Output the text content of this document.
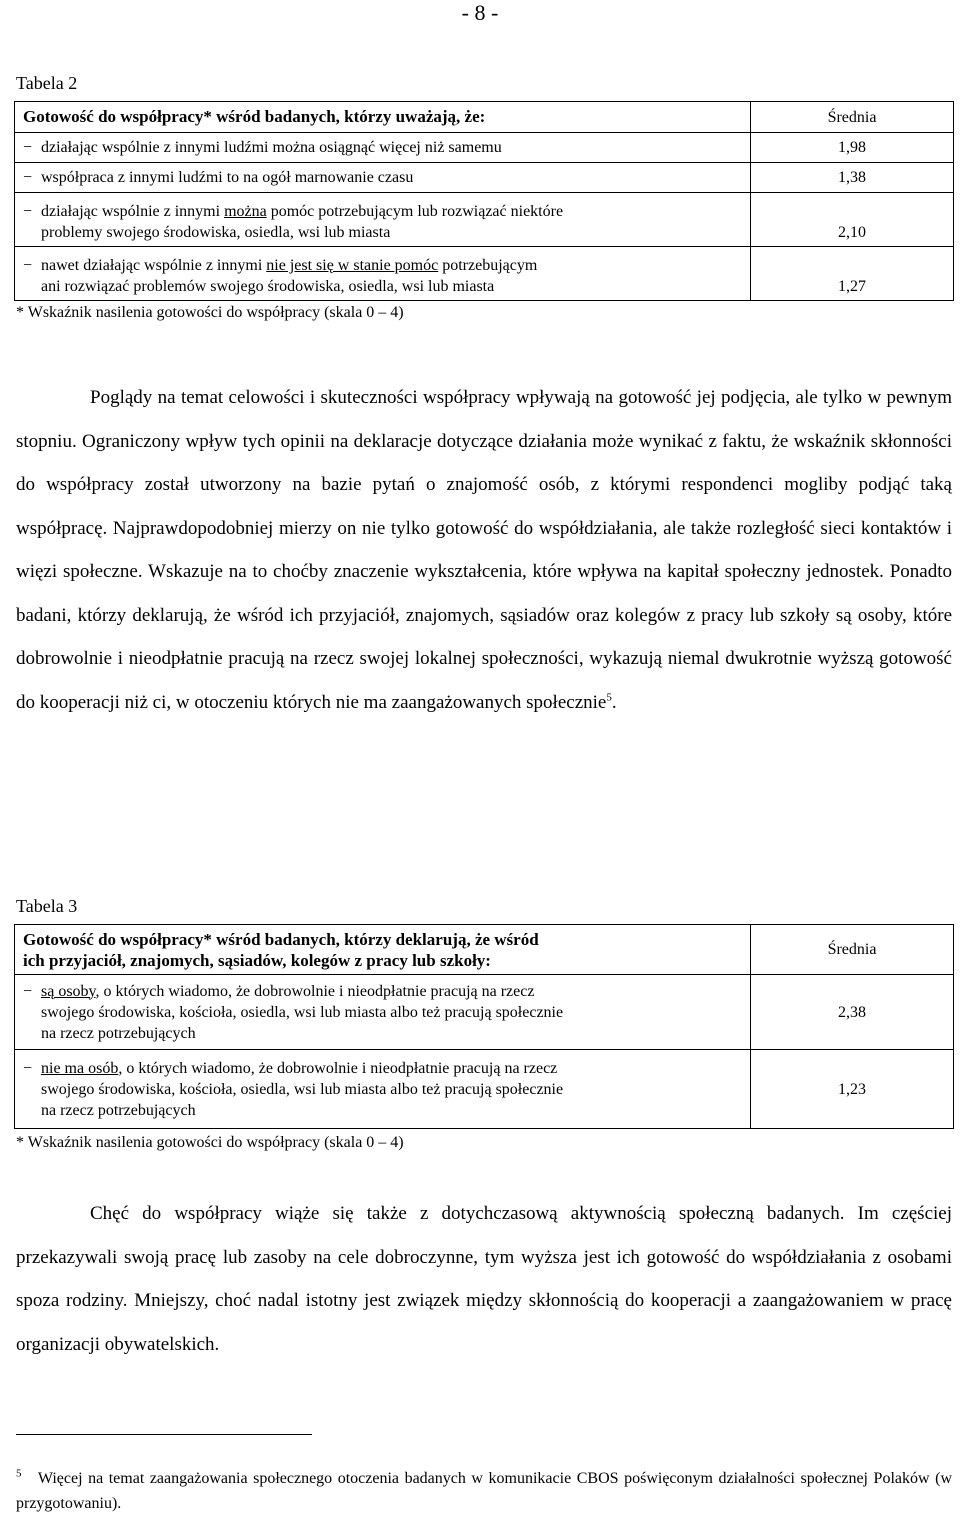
- 8 -
Tabela 2
Gotowość do współpracy* wśród badanych, którzy uważają, że:	Średnia

− działając wspólnie z innymi ludźmi można osiągnąć więcej niż samemu	1,98

− współpraca z innymi ludźmi to na ogół marnowanie czasu	1,38

− działając wspólnie z innymi można pomóc potrzebującym lub rozwiązać niektóre
problemy swojego środowiska, osiedla, wsi lub miasta	2,10

− nawet działając wspólnie z innymi nie jest się w stanie pomóc potrzebującym
ani rozwiązać problemów swojego środowiska, osiedla, wsi lub miasta	1,27
* Wskaźnik nasilenia gotowości do współpracy (skala 0 – 4)

Poglądy na temat celowości i skuteczności współpracy wpływają na gotowość jej podjęcia, ale tylko w pewnym stopniu. Ograniczony wpływ tych opinii na deklaracje dotyczące działania może wynikać z faktu, że wskaźnik skłonności do współpracy został utworzony na bazie pytań o znajomość osób, z którymi respondenci mogliby podjąć taką współpracę. Najprawdopodobniej mierzy on nie tylko gotowość do współdziałania, ale także rozległość sieci kontaktów i więzi społeczne. Wskazuje na to choćby znaczenie wykształcenia, które wpływa na kapitał społeczny jednostek. Ponadto badani, którzy deklarują, że wśród ich przyjaciół, znajomych, sąsiadów oraz kolegów z pracy lub szkoły są osoby, które dobrowolnie i nieodpłatnie pracują na rzecz swojej lokalnej społeczności, wykazują niemal dwukrotnie wyższą gotowość do kooperacji niż ci, w otoczeniu których nie ma zaangażowanych społecznie$^5$.

Tabela 3
Gotowość do współpracy* wśród badanych, którzy deklarują, że wśród
ich przyjaciół, znajomych, sąsiadów, kolegów z pracy lub szkoły:	Średnia

− są osoby, o których wiadomo, że dobrowolnie i nieodpłatnie pracują na rzecz
swojego środowiska, kościoła, osiedla, wsi lub miasta albo też pracują społecznie
na rzecz potrzebujących	2,38

− nie ma osób, o których wiadomo, że dobrowolnie i nieodpłatnie pracują na rzecz
swojego środowiska, kościoła, osiedla, wsi lub miasta albo też pracują społecznie
na rzecz potrzebujących	1,23
* Wskaźnik nasilenia gotowości do współpracy (skala 0 – 4)

Chęć do współpracy wiąże się także z dotychczasową aktywnością społeczną badanych. Im częściej przekazywali swoją pracę lub zasoby na cele dobroczynne, tym wyższa jest ich gotowość do współdziałania z osobami spoza rodziny. Mniejszy, choć nadal istotny jest związek między skłonnością do kooperacji a zaangażowaniem w pracę organizacji obywatelskich.

$^5$ Więcej na temat zaangażowania społecznego otoczenia badanych w komunikacie CBOS poświęconym działalności społecznej Polaków (w przygotowaniu).
